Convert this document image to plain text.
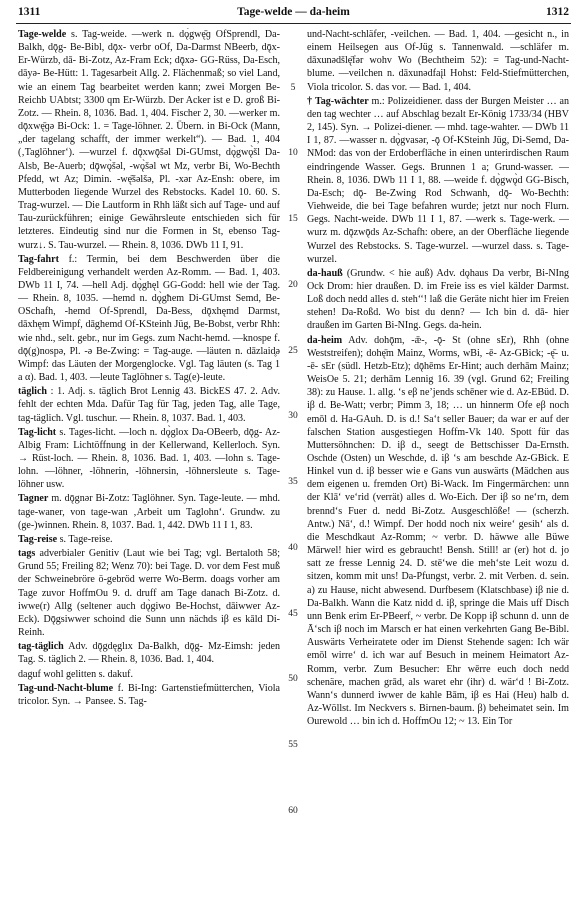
1311	Tage-welde — da-heim	1312

Tage-welde s. Tag-weide. —werk n. dǫ̀gwę̄ɡ OfSprendl, Da-Balkh, dǭg- Be-Bibl, dǭx- verbr oOf, Da-Darmst NBeerb, dǭx- Er-Würzb, dā- Bi-Zotz, Az-Fram Eck; dǭxə- GG-Rüss, Da-Esch, dāyə- Be-Hütt: 1. Tagesarbeit Allg. 2. Flächenmaß; so viel Land, wie an einem Tag bearbeitet werden kann; zwei Morgen Be-Reichb UAbtst; 3300 qm Er-Würzb. Der Acker ist e D. groß Bi-Zotz. — Rhein. 8, 1036. Bad. 1, 404. Fischer 2, 30. —werker m. dǭxwę̄ɡə Bi-Ock: 1. = Tage-löhner. 2. Übern. in Bi-Ock (Mann, „der tagelang schafft, der immer werkelt“). — Bad. 1, 404 (‚Taglöhner‘). —wurzel f. dǭxwǭšəl Di-GUmst, dǫ̀gwǫ̀šl Da-Alsb, Be-Auerb; dǭwǫ̀šəl, -wǫ̀šəl wt Mz, verbr Bi, Wo-Bechth Pfedd, wt Az; Dimin. -wę̄šəlšə, Pl. -xər Az-Ensh: obere, im Mutterboden liegende Wurzel des Rebstocks. Kadel 10. 60. S. Trag-wurzel. — Die Lautform in Rhh läßt sich auf Tage- und auf Tau-zurückführen; einige Gewährsleute entschieden sich für letzteres. Eindeutig sind nur die Formen in St, ebenso Tag-wurz↓. S. Tau-wurzel. — Rhein. 8, 1036. DWb 11 I, 91.

Tag-fahrt f.: Termin, bei dem Beschwerden über die Feldbereinigung verhandelt werden Az-Romm. — Bad. 1, 403. DWb 11 I, 74. —hell Adj. dǫ̀ghęl GG-Godd: hell wie der Tag. — Rhein. 8, 1035. —hemd n. dǫ̀għem Di-GUmst Semd, Be-OSchafh, -hemd Of-Sprendl, Da-Bess, dǭxhęmd Darmst, dāxhęm Wimpf, dāghemd Of-KSteinh Jüg, Be-Bobst, verbr Rhh: wie nhd., selt. gebr., nur im Gegs. zum Nacht-hemd. —knospe f. dǭ(g)nospə, Pl. -ə Be-Zwing: = Tag-auge. —läuten n. dāzlaid̥ə Wimpf: das Läuten der Morgenglocke. Vgl. Tag läuten (s. Tag 1 a α). Bad. 1, 403. —leute Taglöhner s. Tag(e)-leute.

täglich : 1. Adj. s. täglich Brot Lennig 43. BickES 47. 2. Adv. fehlt der echten Mda. Dafür Tag für Tag, jeden Tag, alle Tage, tag-täglich. Vgl. tuschur. — Rhein. 8, 1037. Bad. 1, 403.

Tag-licht s. Tages-licht. —loch n. dǫ̀glox Da-OBeerb, dǭg- Az-Albig Fram: Lichtöffnung in der Kellerwand, Kellerloch. Syn. → Rüst-loch. — Rhein. 8, 1036. Bad. 1, 403. —lohn s. Tage-lohn. —löhner, -löhnerin, -löhnersin, -löhnersleute s. Tage-löhner usw.

Tagner m. dǭgnər Bi-Zotz: Taglöhner. Syn. Tage-leute. — mhd. tage-waner, von tage-wan ‚Arbeit um Taglohn‘. Grundw. zu (ge-)winnen. Rhein. 8, 1037. Bad. 1, 442. DWb 11 I 1, 83.

Tag-reise s. Tage-reise.

tags adverbialer Genitiv (Laut wie bei Tag; vgl. Bertaloth 58; Grund 55; Freiling 82; Wenz 70): bei Tage. D. vor dem Fest muß der Schweinebröre ö-gebröd werre Wo-Berm. doags vorher am Tage zuvor HoffmOu 9. d. druff am Tage danach Bi-Zotz. d. iwwe(r) Allg (seltener auch dǫ̀giwo Be-Hochst, dāiwwer Az-Eck). Dǭgsiwwer schoind die Sunn unn nächds iβ es kāld Di-Reinh.

tag-täglich Adv. dǭgdęglıx Da-Balkh, dǭg- Mz-Eimsh: jeden Tag. S. täglich 2. — Rhein. 8, 1036. Bad. 1, 404.

daguf wohl gelitten s. dakuf.

Tag-und-Nacht-blume f. Bi-Ing: Gartenstiefmütterchen, Viola tricolor. Syn. → Pansee. S. Tag-

5
10
15
20
25
30
35
40
45
50
55
60

und-Nacht-schläfer, -veilchen. — Bad. 1, 404. —gesicht n., in einem Heilsegen aus Of-Jüg s. Tannenwald. —schläfer m. dāxunədšlę̄fər wohv Wo (Bechtheim 52): = Tag-und-Nacht-blume. —veilchen n. dāxunədfaįl Hohst: Feld-Stiefmütterchen, Viola tricolor. S. das vor. — Bad. 1, 404.

† Tag-wächter m.: Polizeidiener. dass der Burgen Meister … an den tag wechter … auf Abschlag bezalt Er-König 1733/34 (HBV 2, 145). Syn. → Polizei-diener. — mhd. tage-wahter. — DWb 11 I 1, 87. —wasser n. dǫ̀gvasər, -ǭ Of-KSteinh Jüg, Di-Semd, Da-NMod: das von der Erdoberfläche in einen unterirdischen Raum eindringende Wasser. Gegs. Brunnen 1 a; Grund-wasser. — Rhein. 8, 1036. DWb 11 I 1, 88. —weide f. dǫ̀gwǫ̀d GG-Bisch, Da-Esch; dǭ- Be-Zwing Rod Schwanh, dǭ- Wo-Bechth: Viehweide, die bei Tage befahren wurde; jetzt nur noch Flurn. Gegs. Nacht-weide. DWb 11 I 1, 87. —werk s. Tage-werk. —wurz m. dǭzwǭds Az-Schafh: obere, an der Oberfläche liegende Wurzel des Rebstocks. S. Tage-wurzel. —wurzel dass. s. Tage-wurzel.

da-hauß (Grundw. < hie auß) Adv. dǫhaus Da verbr, Bi-NIng Ock Drom: hier draußen. D. im Freie iss es viel kälder Darmst. Loß doch nedd alles d. steh‘‘! laß die Geräte nicht hier im Freien stehen! Da-Roßd. Wo bist du denn? — Ich bin d. dā- hier draußen im Garten Bi-NIng. Gegs. da-hein.

da-heim Adv. dohǭm, -ǣ-, -ǭ- St (ohne sEr), Rhh (ohne Weststreifen); dohę̄m Mainz, Worms, wBi, -ē- Az-GBick; -ę̄- u. -ē- sEr (südl. Hetzb-Etz); dǭhēms Er-Hint; auch derhām Mainz; WeisOe 5. 21; derhām Lennig 16. 39 (vgl. Grund 62; Freiling 38): zu Hause. 1. allg. ‘s eβ ne’jends schēner wie d. Az-EBüd. D. iβ d. Be-Watt; verbr; Pimm 3, 18; … un hinnerm Ofe eβ noch emōl d. Ha-GAuh. D. is d.! Sa‘t seller Bauer; da war er auf der falschen Station ausgestiegen Hoffm-Vk 140. Spott für das Muttersöhnchen: D. iβ d., seegt de Bettschisser Da-Ernsth. Oschde (Osten) un Weschde, d. iβ ‘s am beschde Az-GBick. E Hinkel vun d. iβ besser wie e Gans vun auswärts (Mädchen aus dem eigenen u. fremden Ort) Bi-Wack. Im Fingermärchen: unn der Klā‘ ve‘rid (verrät) alles d. Wo-Eich. Der iβ so ne‘rn, dem brennd‘s Fuer d. nedd Bi-Zotz. Ausgeschlöße! — (scherzh. Antw.) Nā‘, d.! Wimpf. Der hodd noch nix weire‘ gesih‘ als d. die Meschdkaut Az-Romm; ~ verbr. D. häwwe alle Büwe Märwel! hier wird es gebraucht! Bensh. Still! ar (er) hot d. jo satt ze fresse Lennig 24. D. stē‘we die meh‘ste Leit wozu d. sitzen, komm mit uns! Da-Pfungst, verbr. 2. mit Verben. d. sein. a) zu Hause, nicht abwesend. Durfbesem (Klatschbase) iβ nie d. Da-Balkh. Wann die Katz nidd d. iβ, springe die Mais uff Disch unn Benk erim Er-PBeerf, ~ verbr. De Kopp iβ schunn d. unn de Ā‘sch iβ noch im Marsch er hat einen verkehrten Gang Be-Bibl. Auswärts Verheiratete oder im Dienst Stehende sagen: Ich wär emōl wirre‘ d. ich war auf Besuch in meinem Heimatort Az-Romm, verbr. Zum Besucher: Ehr wērre euch doch nedd schenäre, machen grād, als waret ehr (ihr) d. wär‘d ! Bi-Zotz. Wann‘s dunnerd iwwer de kahle Bām, iβ es Hai (Heu) halb d. Az-Wöllst. Im Neckvers s. Birnen-baum. β) beheimatet sein. Im Ourewold … bin ich d. HoffmOu 12; ~ 13. Ein Tor
